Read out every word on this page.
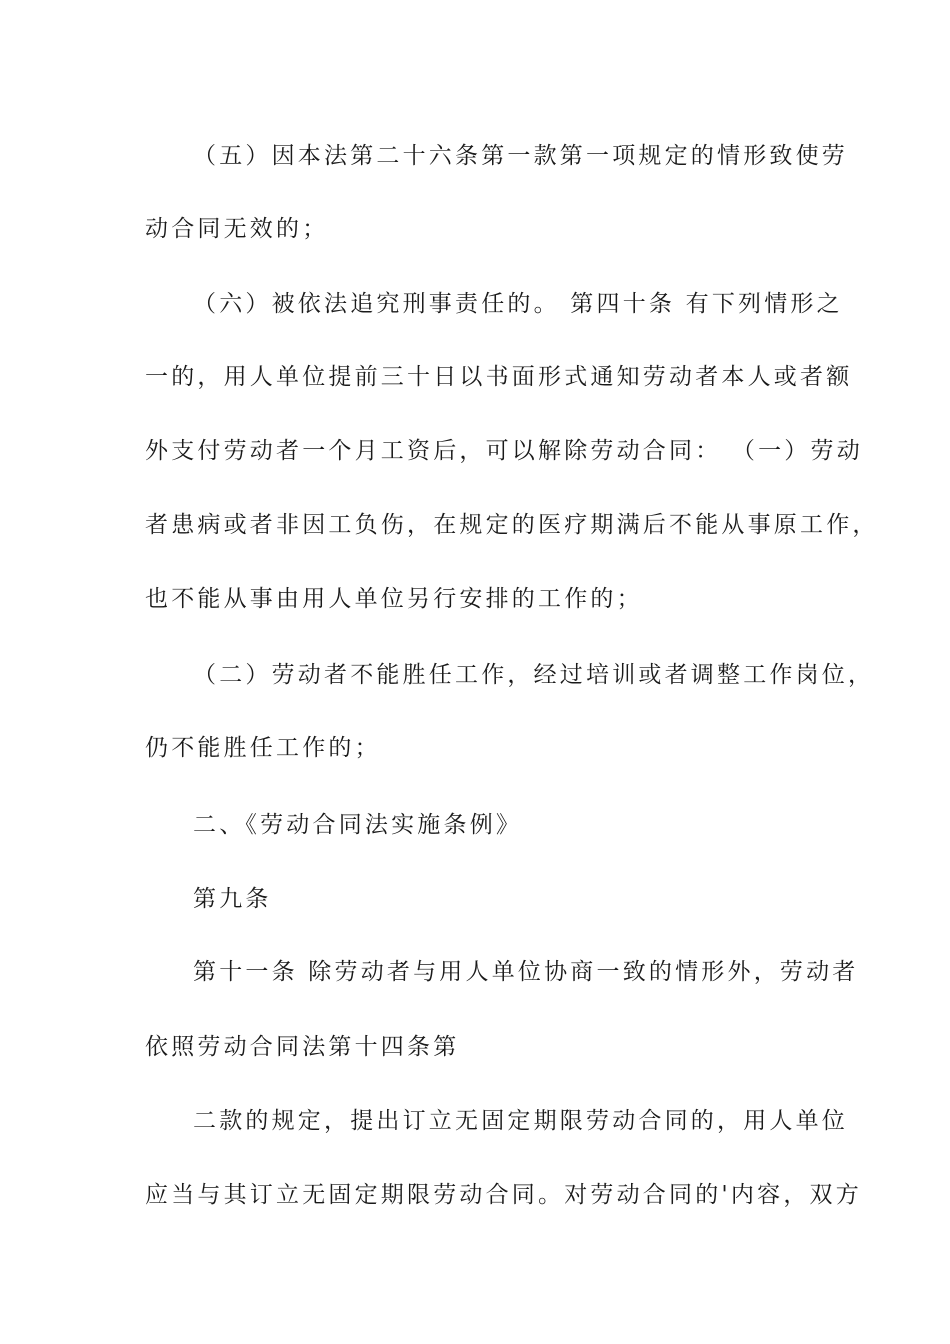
（五）因本法第二十六条第一款第一项规定的情形致使劳
动合同无效的；
（六）被依法追究刑事责任的。 第四十条 有下列情形之
一的，用人单位提前三十日以书面形式通知劳动者本人或者额
外支付劳动者一个月工资后，可以解除劳动合同： （一）劳动
者患病或者非因工负伤，在规定的医疗期满后不能从事原工作，
也不能从事由用人单位另行安排的工作的；
（二）劳动者不能胜任工作，经过培训或者调整工作岗位，
仍不能胜任工作的；
二、《劳动合同法实施条例》
第九条
第十一条 除劳动者与用人单位协商一致的情形外，劳动者
依照劳动合同法第十四条第
二款的规定，提出订立无固定期限劳动合同的，用人单位
应当与其订立无固定期限劳动合同。对劳动合同的'内容，双方
